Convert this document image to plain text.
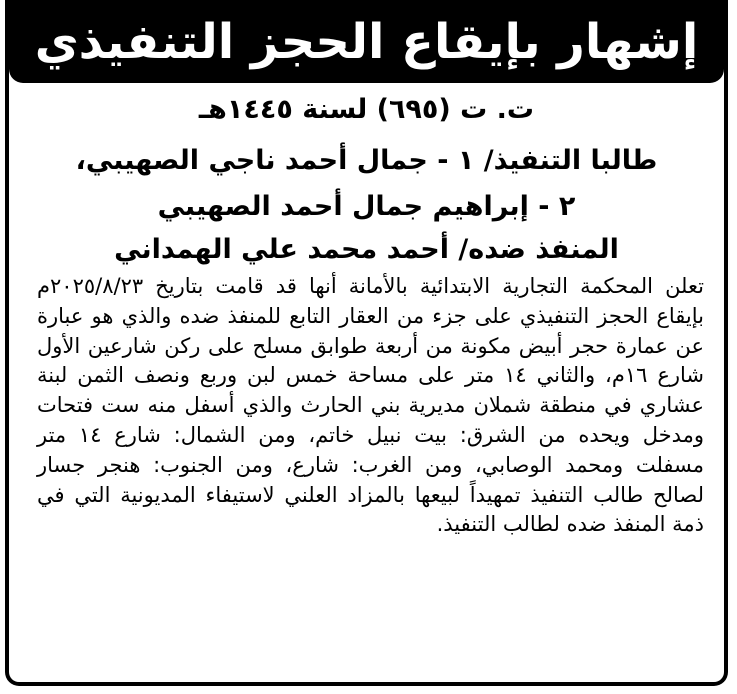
إشهار بإيقاع الحجز التنفيذي
ت. ت (٦٩٥) لسنة ١٤٤٥هـ
طالبا التنفيذ/ ١ - جمال أحمد ناجي الصهيبي،
٢ - إبراهيم جمال أحمد الصهيبي
المنفذ ضده/ أحمد محمد علي الهمداني

تعلن المحكمة التجارية الابتدائية بالأمانة أنها قد قامت بتاريخ ٢٠٢٥/٨/٢٣م بإيقاع الحجز التنفيذي على جزء من العقار التابع للمنفذ ضده والذي هو عبارة عن عمارة حجر أبيض مكونة من أربعة طوابق مسلح على ركن شارعين الأول شارع ١٦م، والثاني ١٤ متر على مساحة خمس لبن وربع ونصف الثمن لبنة عشاري في منطقة شملان مديرية بني الحارث والذي أسفل منه ست فتحات ومدخل ويحده من الشرق: بيت نبيل خاتم، ومن الشمال: شارع ١٤ متر مسفلت ومحمد الوصابي، ومن الغرب: شارع، ومن الجنوب: هنجر جسار لصالح طالب التنفيذ تمهيداً لبيعها بالمزاد العلني لاستيفاء المديونية التي في ذمة المنفذ ضده لطالب التنفيذ.
